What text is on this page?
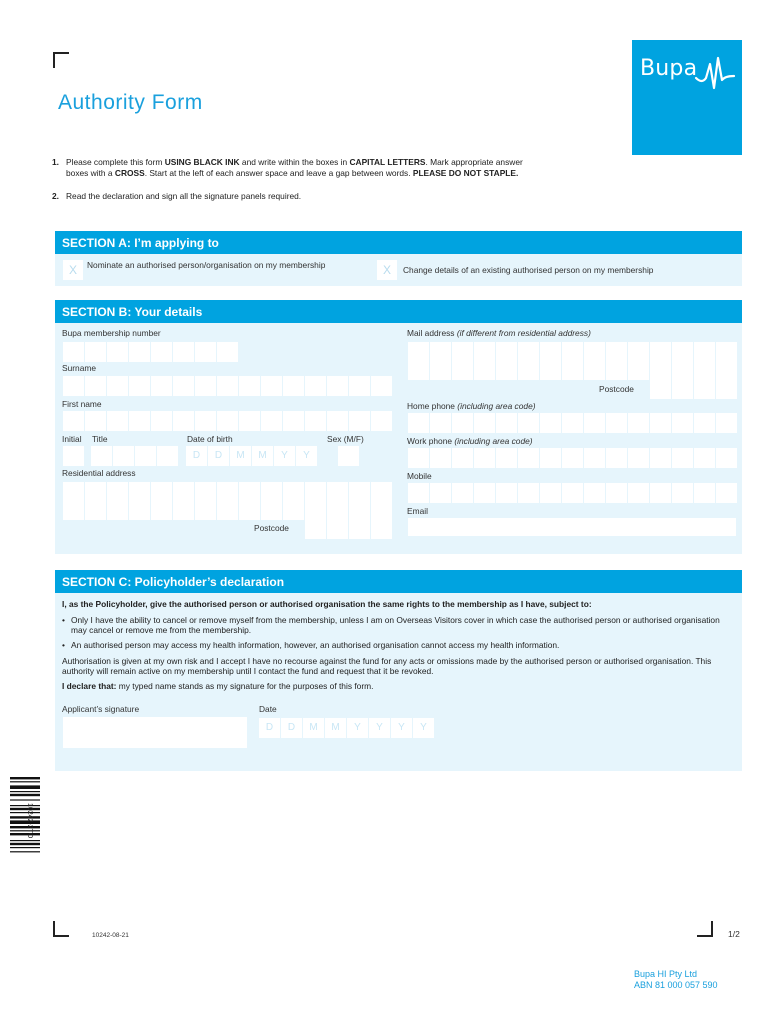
Bupa
Authority Form
1. Please complete this form USING BLACK INK and write within the boxes in CAPITAL LETTERS. Mark appropriate answer boxes with a CROSS. Start at the left of each answer space and leave a gap between words. PLEASE DO NOT STAPLE.
2. Read the declaration and sign all the signature panels required.
SECTION A: I’m applying to
X	Nominate an authorised person/organisation on my membership	X	Change details of an existing authorised person on my membership
SECTION B: Your details
Bupa membership number
Surname
First name
Initial Title	Date of birth	Sex (M/F)
D	D	M	M	Y	Y
Residential address
Postcode
Mail address (if different from residential address)
Postcode
Home phone (including area code)
Work phone (including area code)
Mobile
Email
SECTION C: Policyholder’s declaration
I, as the Policyholder, give the authorised person or authorised organisation the same rights to the membership as I have, subject to:
• Only I have the ability to cancel or remove myself from the membership, unless I am on Overseas Visitors cover in which case the authorised person or authorised organisation may cancel or remove me from the membership.
• An authorised person may access my health information, however, an authorised organisation cannot access my health information.
Authorisation is given at my own risk and I accept I have no recourse against the fund for any acts or omissions made by the authorised person or authorised organisation. This authority will remain active on my membership until I contact the fund and request that it be revoked.
I declare that: my typed name stands as my signature for the purposes of this form.
Applicant’s signature	Date
D	D	M	M	Y	Y	Y	Y
10242-2TO
10242-08-21	1/2
Bupa HI Pty Ltd
ABN 81 000 057 590
